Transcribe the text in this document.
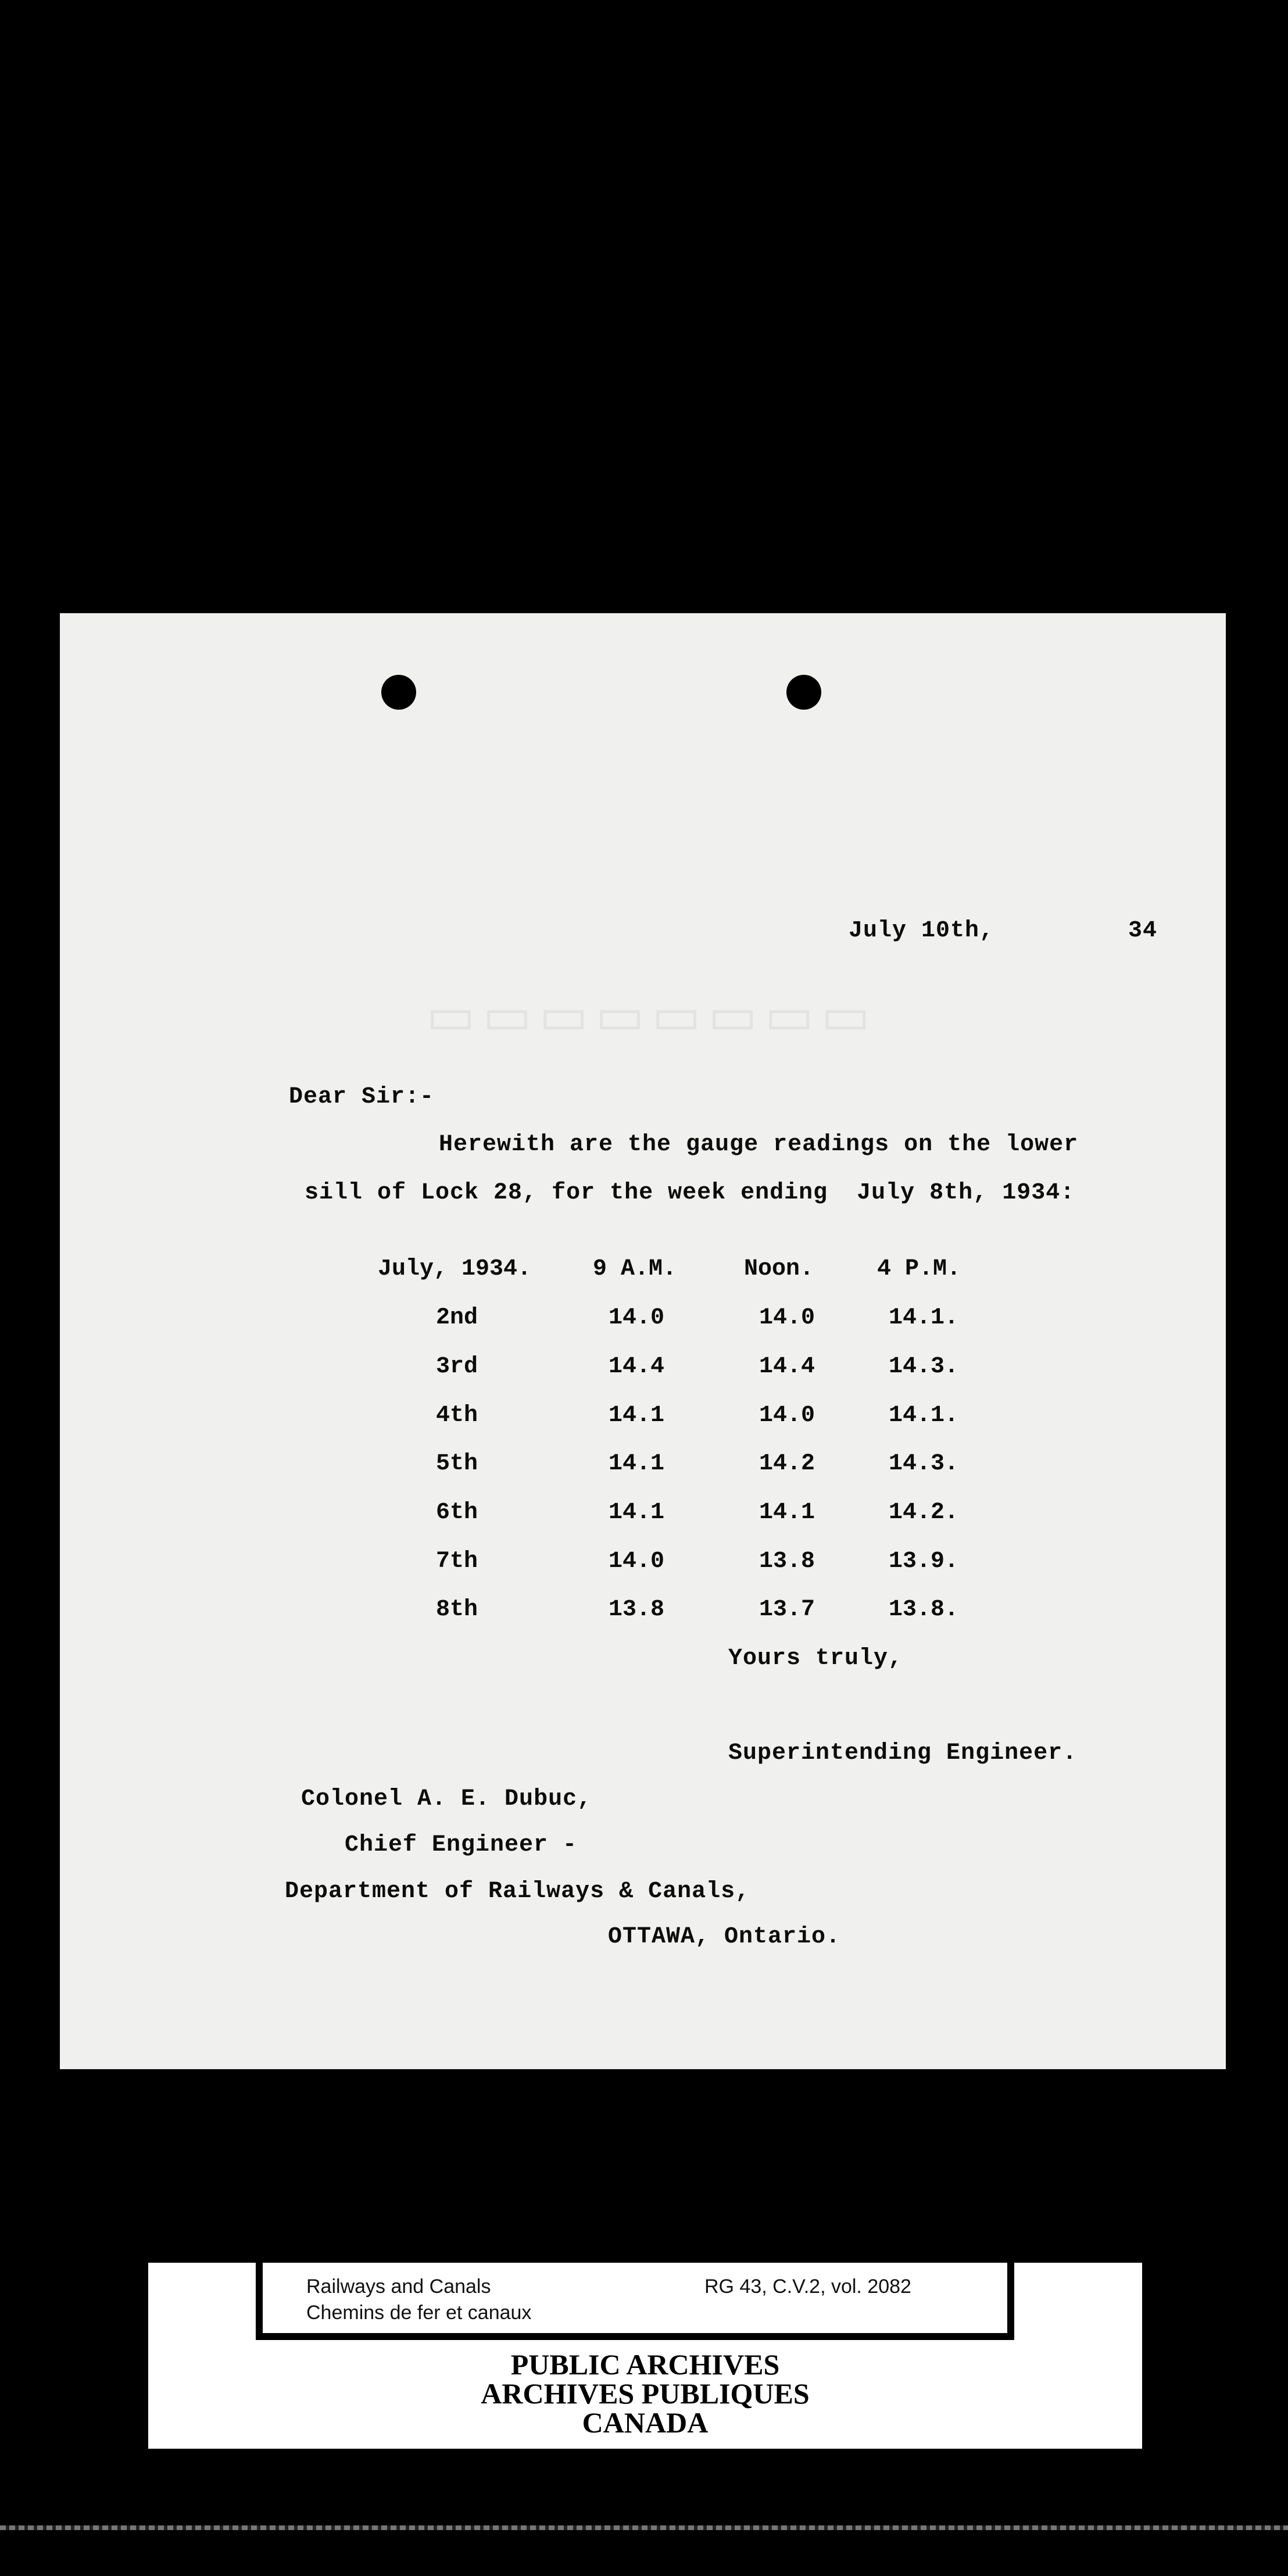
▭▭▭▭▭▭▭▭

July 10th,	34

Dear Sir:-

Herewith are the gauge readings on the lower

sill of Lock 28, for the week ending  July 8th, 1934:

July, 1934.	9 A.M.	Noon.	4 P.M.

2nd	14.0	14.0	14.1.

3rd	14.4	14.4	14.3.

4th	14.1	14.0	14.1.

5th	14.1	14.2	14.3.

6th	14.1	14.1	14.2.

7th	14.0	13.8	13.9.

8th	13.8	13.7	13.8.

Yours truly,

Superintending Engineer.

Colonel A. E. Dubuc,

Chief Engineer -

Department of Railways & Canals,

OTTAWA, Ontario.

Railways and Canals
Chemins de fer et canaux
RG 43, C.V.2, vol. 2082
PUBLIC ARCHIVES
ARCHIVES PUBLIQUES
CANADA
